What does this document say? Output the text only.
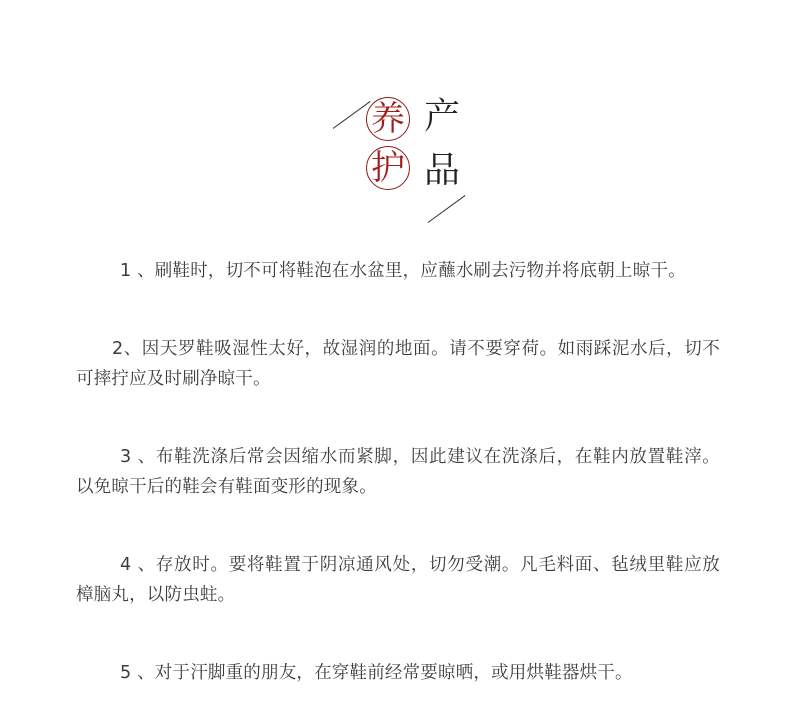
养 产
护 品

1 、刷鞋时，切不可将鞋泡在水盆里，应蘸水刷去污物并将底朝上晾干。

2、因天罗鞋吸湿性太好，故湿润的地面。请不要穿荷。如雨踩泥水后，切不可摔拧应及时刷净晾干。

3 、布鞋洗涤后常会因缩水而紧脚，因此建议在洗涤后，在鞋内放置鞋滓。以免晾干后的鞋会有鞋面变形的现象。

4 、存放时。要将鞋置于阴凉通风处，切勿受潮。凡毛料面、毡绒里鞋应放樟脑丸，以防虫蛀。

5 、对于汗脚重的朋友，在穿鞋前经常要晾晒，或用烘鞋器烘干。
